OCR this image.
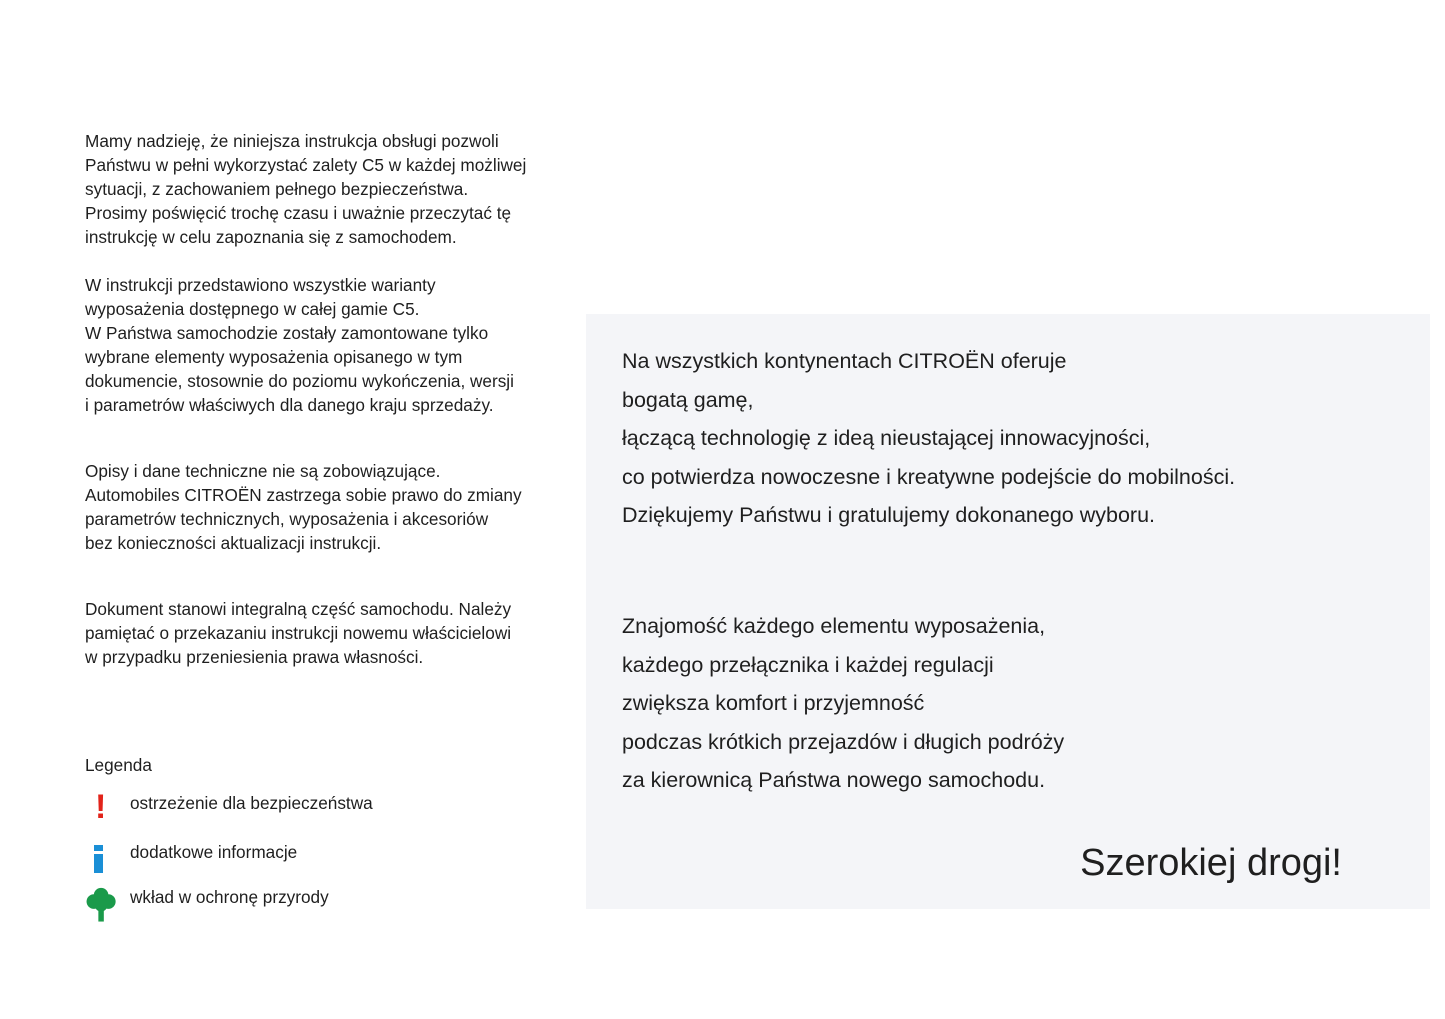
Mamy nadzieję, że niniejsza instrukcja obsługi pozwoli
Państwu w pełni wykorzystać zalety C5 w każdej możliwej
sytuacji, z zachowaniem pełnego bezpieczeństwa.
Prosimy poświęcić trochę czasu i uważnie przeczytać tę
instrukcję w celu zapoznania się z samochodem.
W instrukcji przedstawiono wszystkie warianty
wyposażenia dostępnego w całej gamie C5.
W Państwa samochodzie zostały zamontowane tylko
wybrane elementy wyposażenia opisanego w tym
dokumencie, stosownie do poziomu wykończenia, wersji
i parametrów właściwych dla danego kraju sprzedaży.
Opisy i dane techniczne nie są zobowiązujące.
Automobiles CITROËN zastrzega sobie prawo do zmiany
parametrów technicznych, wyposażenia i akcesoriów
bez konieczności aktualizacji instrukcji.
Dokument stanowi integralną część samochodu. Należy
pamiętać o przekazaniu instrukcji nowemu właścicielowi
w przypadku przeniesienia prawa własności.
Legenda
!	ostrzeżenie dla bezpieczeństwa
dodatkowe informacje
wkład w ochronę przyrody
Na wszystkich kontynentach CITROËN oferuje
bogatą gamę,
łączącą technologię z ideą nieustającej innowacyjności,
co potwierdza nowoczesne i kreatywne podejście do mobilności.
Dziękujemy Państwu i gratulujemy dokonanego wyboru.
Znajomość każdego elementu wyposażenia,
każdego przełącznika i każdej regulacji
zwiększa komfort i przyjemność
podczas krótkich przejazdów i długich podróży
za kierownicą Państwa nowego samochodu.
Szerokiej drogi!
